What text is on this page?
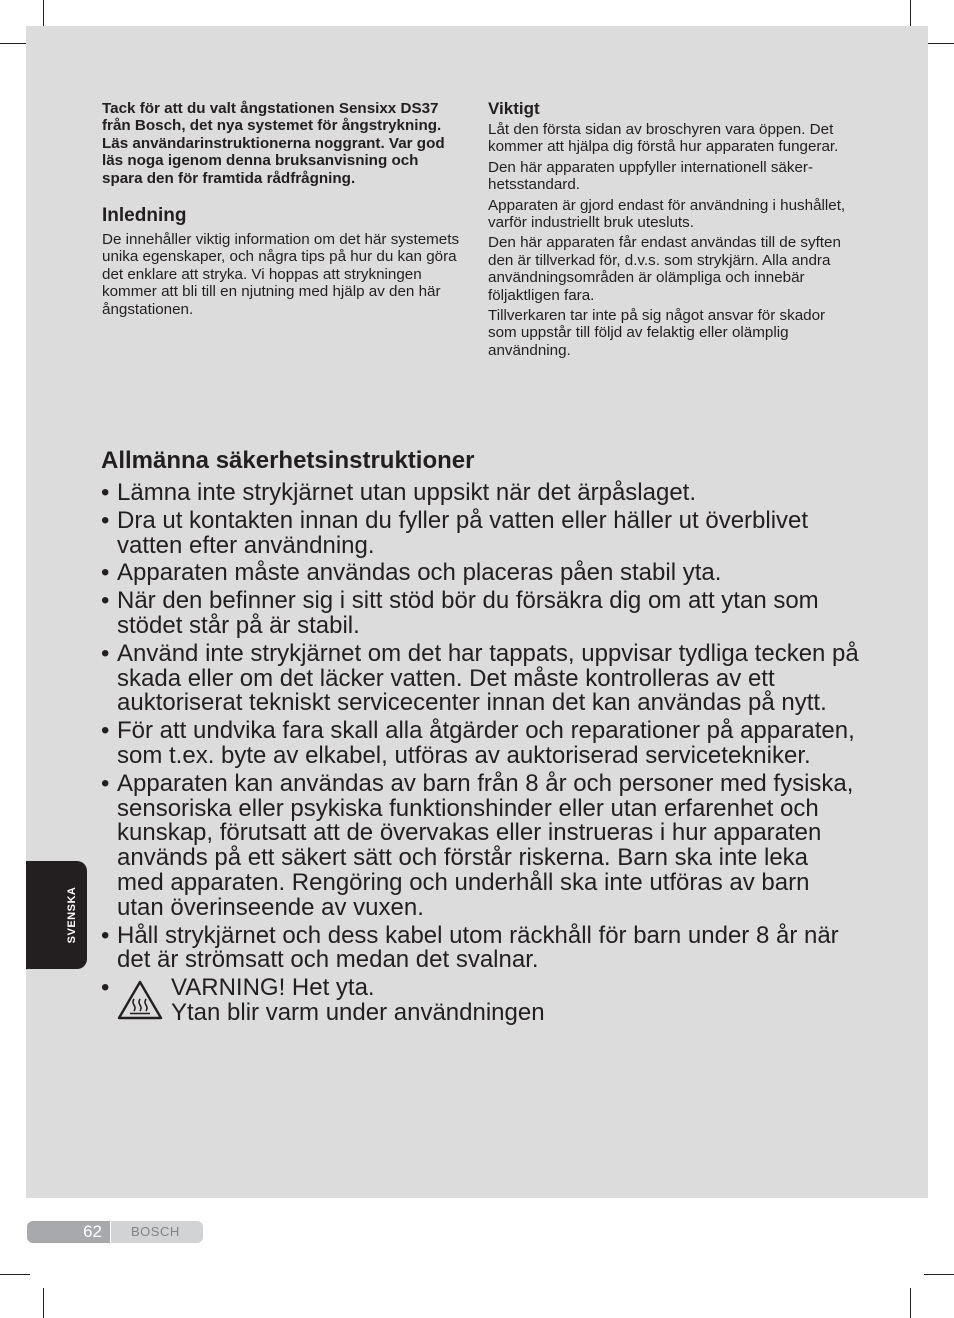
Tack för att du valt ångstationen Sensixx DS37 från Bosch, det nya systemet för ångstrykning.

Läs användarinstruktionerna noggrant. Var god läs noga igenom denna bruksanvisning och spara den för framtida rådfrågning.

Inledning

De innehåller viktig information om det här systemets unika egenskaper, och några tips på hur du kan göra det enklare att stryka. Vi hoppas att strykningen kommer att bli till en njutning med hjälp av den här ångstationen.

Viktigt

Låt den första sidan av broschyren vara öppen. Det kommer att hjälpa dig förstå hur apparaten fungerar.

Den här apparaten uppfyller internationell säker-hetsstandard.

Apparaten är gjord endast för användning i hushållet, varför industriellt bruk utesluts.

Den här apparaten får endast användas till de syften den är tillverkad för, d.v.s. som strykjärn. Alla andra användningsområden är olämpliga och innebär följaktligen fara.

Tillverkaren tar inte på sig något ansvar för skador som uppstår till följd av felaktig eller olämplig användning.

Allmänna säkerhetsinstruktioner
• Lämna inte strykjärnet utan uppsikt när det ärpåslaget.
• Dra ut kontakten innan du fyller på vatten eller häller ut överblivet vatten efter användning.
• Apparaten måste användas och placeras påen stabil yta.
• När den befinner sig i sitt stöd bör du försäkra dig om att ytan som stödet står på är stabil.
• Använd inte strykjärnet om det har tappats, uppvisar tydliga tecken på skada eller om det läcker vatten. Det måste kontrolleras av ett auktoriserat tekniskt servicecenter innan det kan användas på nytt.
• För att undvika fara skall alla åtgärder och reparationer på apparaten, som t.ex. byte av elkabel, utföras av auktoriserad servicetekniker.
• Apparaten kan användas av barn från 8 år och personer med fysiska, sensoriska eller psykiska funktionshinder eller utan erfarenhet och kunskap, förutsatt att de övervakas eller instrueras i hur apparaten används på ett säkert sätt och förstår riskerna. Barn ska inte leka med apparaten. Rengöring och underhåll ska inte utföras av barn utan överinseende av vuxen.
• Håll strykjärnet och dess kabel utom räckhåll för barn under 8 år när det är strömsatt och medan det svalnar.
•	VARNING! Het yta.
Ytan blir varm under användningen
SVENSKA
62	BOSCH
